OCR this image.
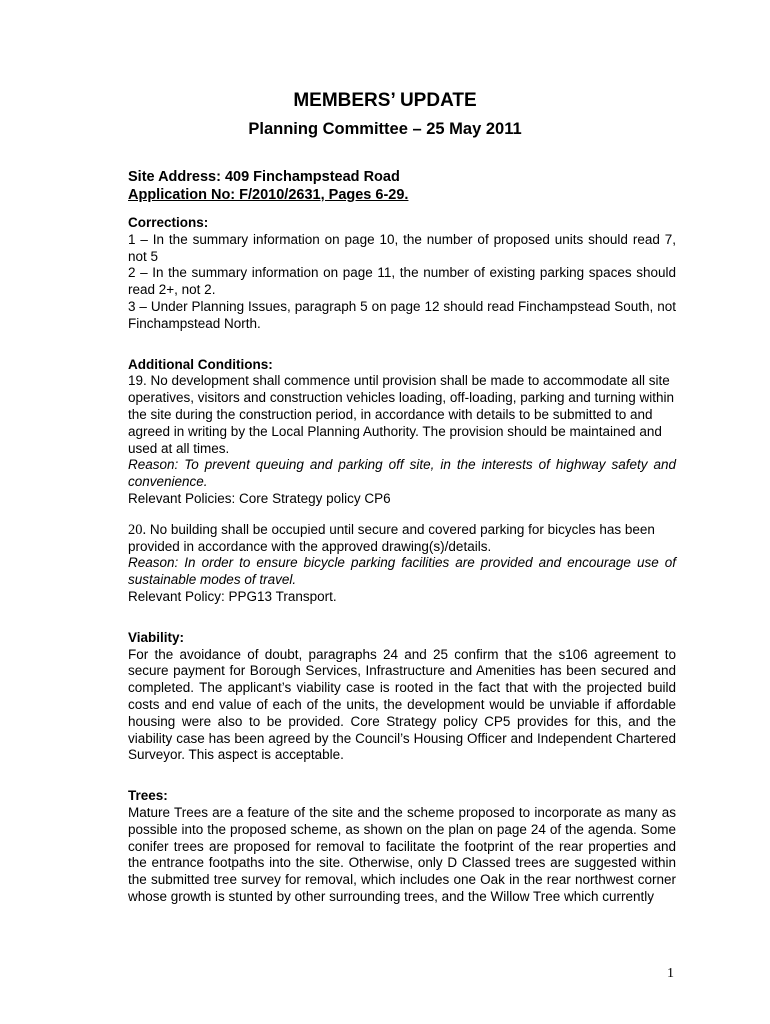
MEMBERS’ UPDATE
Planning Committee – 25 May 2011

Site Address: 409 Finchampstead Road

Application No: F/2010/2631, Pages 6-29.

Corrections:

1 – In the summary information on page 10, the number of proposed units should read 7, not 5

2 – In the summary information on page 11, the number of existing parking spaces should read 2+, not 2.

3 – Under Planning Issues, paragraph 5 on page 12 should read Finchampstead South, not Finchampstead North.

Additional Conditions:

19. No development shall commence until provision shall be made to accommodate all site operatives, visitors and construction vehicles loading, off-loading, parking and turning within the site during the construction period, in accordance with details to be submitted to and agreed in writing by the Local Planning Authority. The provision should be maintained and used at all times.

Reason: To prevent queuing and parking off site, in the interests of highway safety and convenience.

Relevant Policies: Core Strategy policy CP6

20. No building shall be occupied until secure and covered parking for bicycles has been provided in accordance with the approved drawing(s)/details.

Reason: In order to ensure bicycle parking facilities are provided and encourage use of sustainable modes of travel.

Relevant Policy: PPG13 Transport.

Viability:

For the avoidance of doubt, paragraphs 24 and 25 confirm that the s106 agreement to secure payment for Borough Services, Infrastructure and Amenities has been secured and completed. The applicant’s viability case is rooted in the fact that with the projected build costs and end value of each of the units, the development would be unviable if affordable housing were also to be provided. Core Strategy policy CP5 provides for this, and the viability case has been agreed by the Council’s Housing Officer and Independent Chartered Surveyor. This aspect is acceptable.

Trees:

Mature Trees are a feature of the site and the scheme proposed to incorporate as many as possible into the proposed scheme, as shown on the plan on page 24 of the agenda. Some conifer trees are proposed for removal to facilitate the footprint of the rear properties and the entrance footpaths into the site. Otherwise, only D Classed trees are suggested within the submitted tree survey for removal, which includes one Oak in the rear northwest corner whose growth is stunted by other surrounding trees, and the Willow Tree which currently

1
